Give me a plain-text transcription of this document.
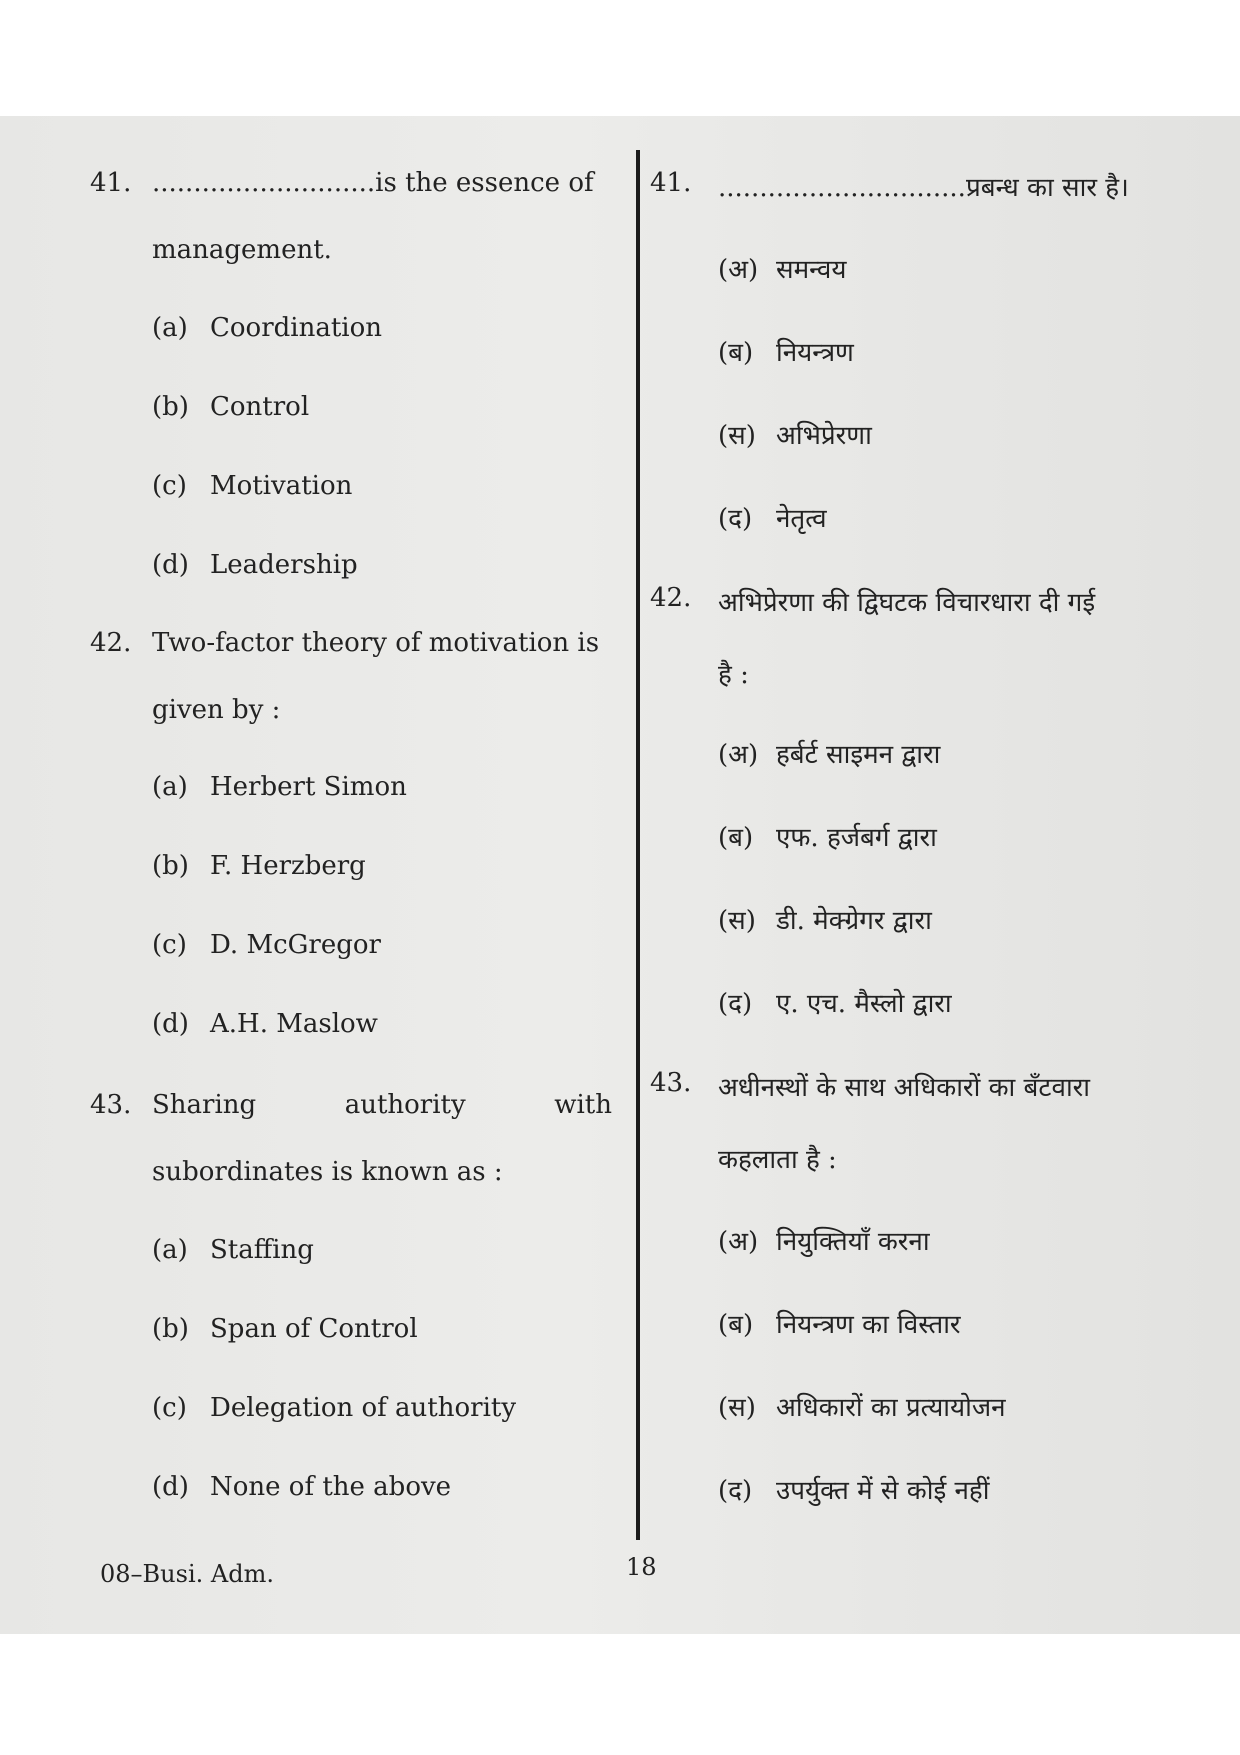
41. ...........................is the essence of
management.
(a) Coordination
(b) Control
(c) Motivation
(d) Leadership
42. Two-factor theory of motivation is
given by :
(a) Herbert Simon
(b) F. Herzberg
(c) D. McGregor
(d) A.H. Maslow
43. Sharing	authority	with
subordinates is known as :
(a) Staffing
(b) Span of Control
(c) Delegation of authority
(d) None of the above
41. ..............................प्रबन्ध का सार है।
(अ) समन्वय
(ब) नियन्त्रण
(स) अभिप्रेरणा
(द) नेतृत्व
42. अभिप्रेरणा की द्विघटक विचारधारा दी गई
है :
(अ) हर्बर्ट साइमन द्वारा
(ब) एफ. हर्जबर्ग द्वारा
(स) डी. मेक्ग्रेगर द्वारा
(द) ए. एच. मैस्लो द्वारा
43. अधीनस्थों के साथ अधिकारों का बँटवारा
कहलाता है :
(अ) नियुक्तियाँ करना
(ब) नियन्त्रण का विस्तार
(स) अधिकारों का प्रत्यायोजन
(द) उपर्युक्त में से कोई नहीं
08–Busi. Adm.	18
